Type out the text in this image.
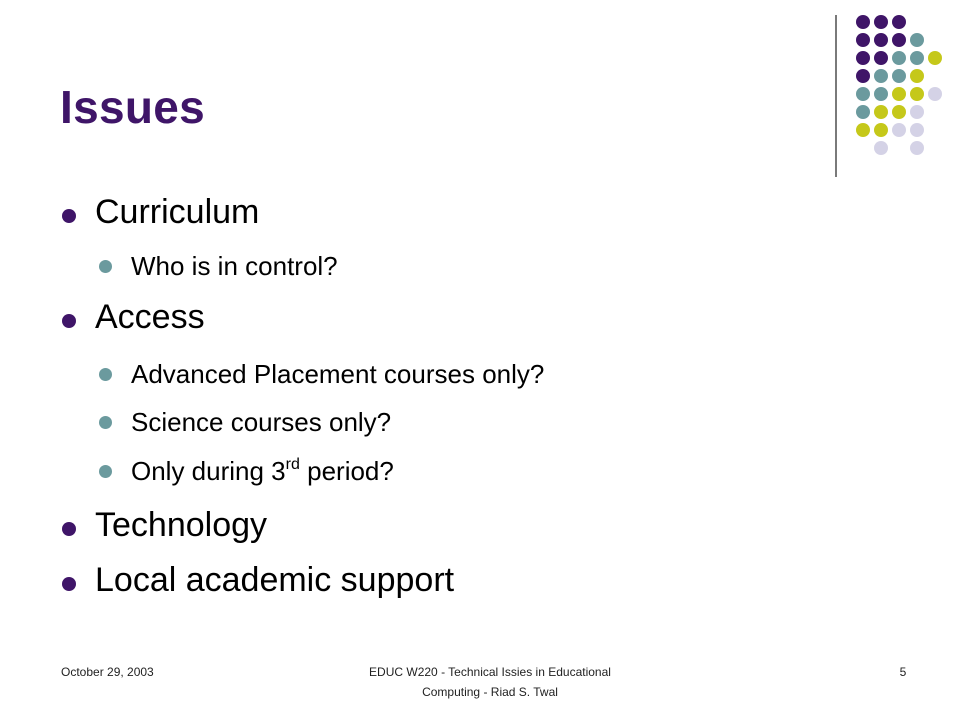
Issues
Curriculum
Who is in control?
Access
Advanced Placement courses only?
Science courses only?
Only during 3rd period?
Technology
Local academic support
October 29, 2003	EDUC W220 - Technical Issies in Educational
Computing - Riad S. Twal
5
